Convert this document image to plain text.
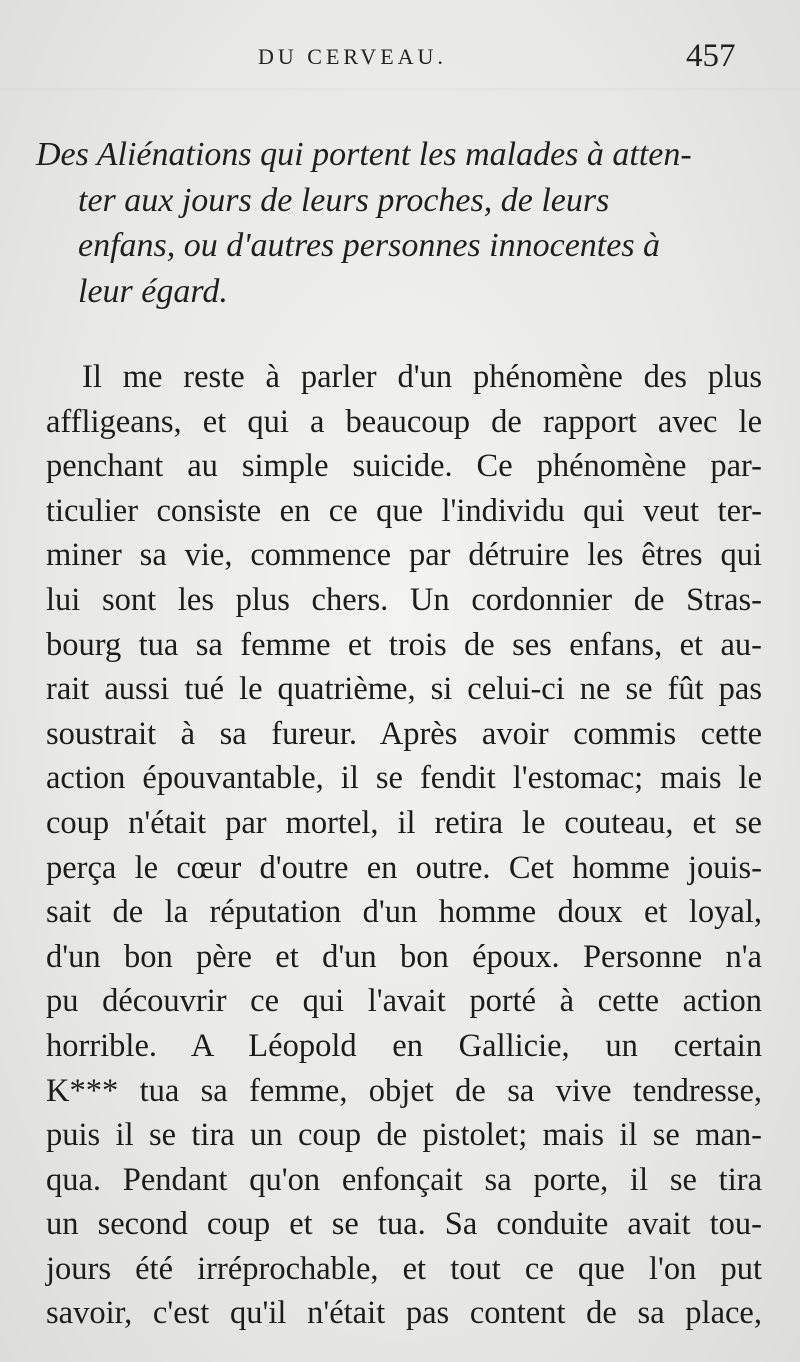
DU CERVEAU.	457
Des Aliénations qui portent les malades à atten-
ter aux jours de leurs proches, de leurs
enfans, ou d'autres personnes innocentes à
leur égard.
Il me reste à parler d'un phénomène des plus
affligeans, et qui a beaucoup de rapport avec le
penchant au simple suicide. Ce phénomène par-
ticulier consiste en ce que l'individu qui veut ter-
miner sa vie, commence par détruire les êtres qui
lui sont les plus chers. Un cordonnier de Stras-
bourg tua sa femme et trois de ses enfans, et au-
rait aussi tué le quatrième, si celui-ci ne se fût pas
soustrait à sa fureur. Après avoir commis cette
action épouvantable, il se fendit l'estomac; mais le
coup n'était par mortel, il retira le couteau, et se
perça le cœur d'outre en outre. Cet homme jouis-
sait de la réputation d'un homme doux et loyal,
d'un bon père et d'un bon époux. Personne n'a
pu découvrir ce qui l'avait porté à cette action
horrible. A Léopold en Gallicie, un certain
K*** tua sa femme, objet de sa vive tendresse,
puis il se tira un coup de pistolet; mais il se man-
qua. Pendant qu'on enfonçait sa porte, il se tira
un second coup et se tua. Sa conduite avait tou-
jours été irréprochable, et tout ce que l'on put
savoir, c'est qu'il n'était pas content de sa place,
